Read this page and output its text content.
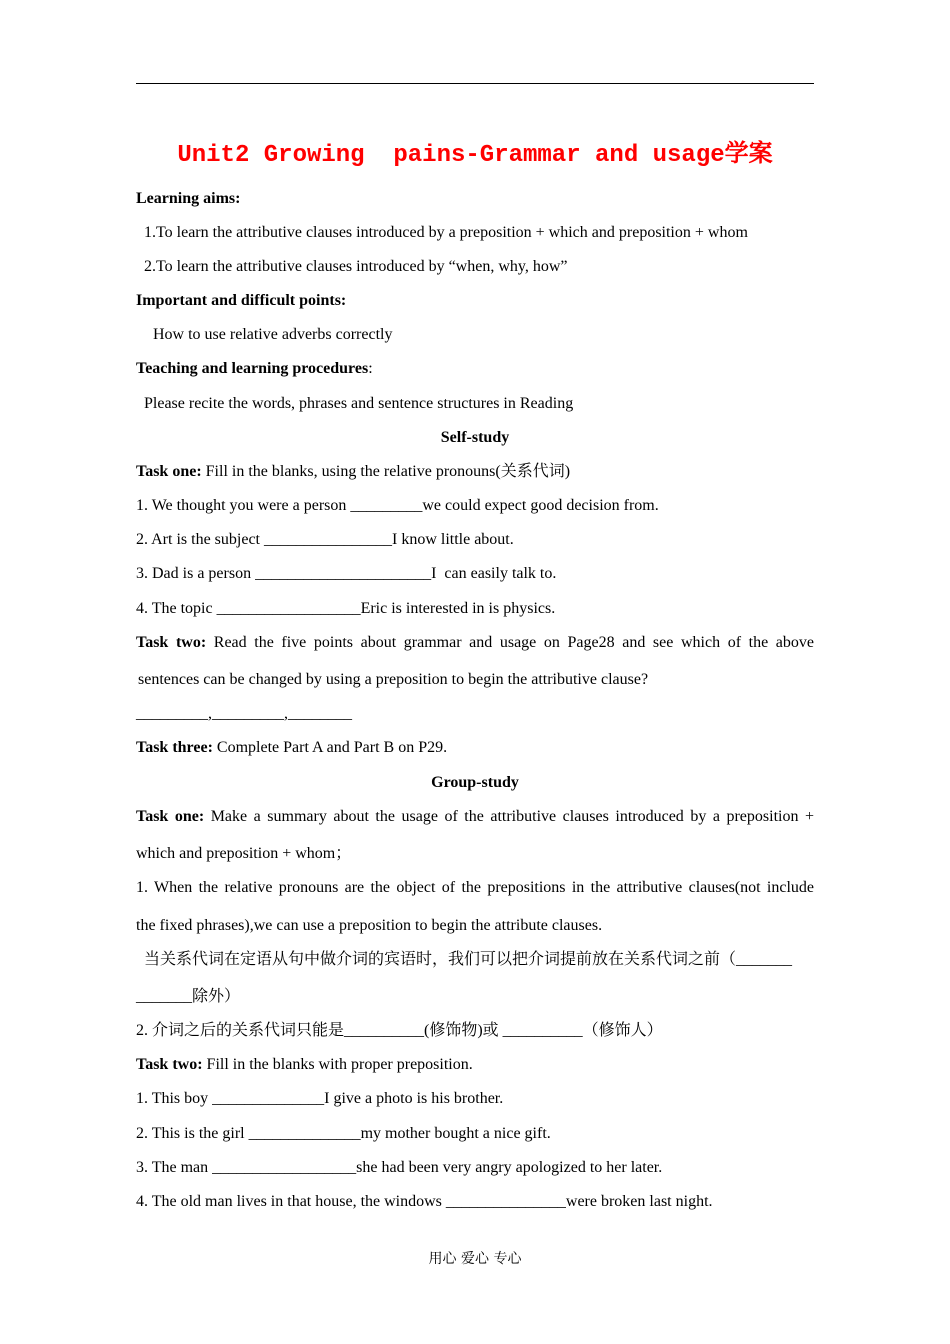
Unit2 Growing  pains-Grammar and usage学案
Learning aims:
1.To learn the attributive clauses introduced by a preposition + which and preposition + whom
2.To learn the attributive clauses introduced by “when, why, how”
Important and difficult points:
How to use relative adverbs correctly
Teaching and learning procedures:
Please recite the words, phrases and sentence structures in Reading
Self-study
Task one: Fill in the blanks, using the relative pronouns(关系代词)
1. We thought you were a person _________we could expect good decision from.
2. Art is the subject ________________I know little about.
3. Dad is a person ______________________I  can easily talk to.
4. The topic __________________Eric is interested in is physics.
Task two: Read the five points about grammar and usage on Page28 and see which of the above
sentences can be changed by using a preposition to begin the attributive clause?
_________,_________,________
Task three: Complete Part A and Part B on P29.
Group-study
Task one: Make a summary about the usage of the attributive clauses introduced by a preposition +
which and preposition + whom；
1. When the relative pronouns are the object of the prepositions in the attributive clauses(not include
the fixed phrases),we can use a preposition to begin the attribute clauses.
当关系代词在定语从句中做介词的宾语时，我们可以把介词提前放在关系代词之前（_______
_______除外）
2. 介词之后的关系代词只能是__________(修饰物)或 __________（修饰人）
Task two: Fill in the blanks with proper preposition.
1. This boy ______________I give a photo is his brother.
2. This is the girl ______________my mother bought a nice gift.
3. The man __________________she had been very angry apologized to her later.
4. The old man lives in that house, the windows _______________were broken last night.
用心 爱心 专心
